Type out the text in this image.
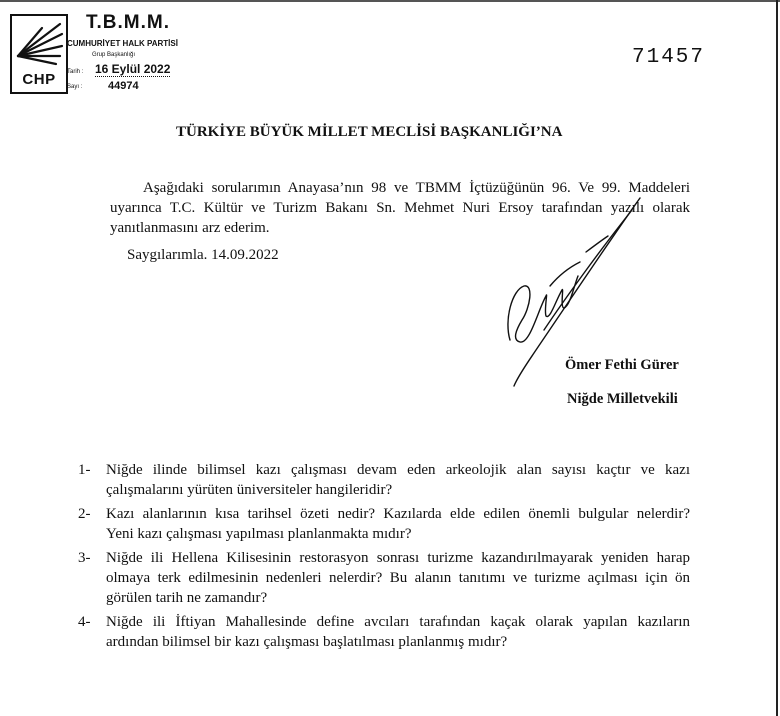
CHP
T.B.M.M.
CUMHURİYET HALK PARTİSİ
Grup Başkanlığı
Tarih : 16 Eylül 2022
Sayı : 44974
71457
TÜRKİYE BÜYÜK MİLLET MECLİSİ BAŞKANLIĞI’NA

Aşağıdaki sorularımın Anayasa’nın 98 ve TBMM İçtüzüğünün 96. Ve 99. Maddeleri

uyarınca T.C. Kültür ve Turizm Bakanı Sn. Mehmet Nuri Ersoy tarafından yazılı olarak

yanıtlanmasını arz ederim.

Saygılarımla. 14.09.2022
Ömer Fethi Gürer
Niğde Milletvekili
1- Niğde ilinde bilimsel kazı çalışması devam eden arkeolojik alan sayısı kaçtır ve kazı
çalışmalarını yürüten üniversiteler hangileridir?
2- Kazı alanlarının kısa tarihsel özeti nedir? Kazılarda elde edilen önemli bulgular nelerdir?
Yeni kazı çalışması yapılması planlanmakta mıdır?
3- Niğde ili Hellena Kilisesinin restorasyon sonrası turizme kazandırılmayarak yeniden harap
olmaya terk edilmesinin nedenleri nelerdir? Bu alanın tanıtımı ve turizme açılması için ön
görülen tarih ne zamandır?
4- Niğde ili İftiyan Mahallesinde define avcıları tarafından kaçak olarak yapılan kazıların
ardından bilimsel bir kazı çalışması başlatılması planlanmış mıdır?
